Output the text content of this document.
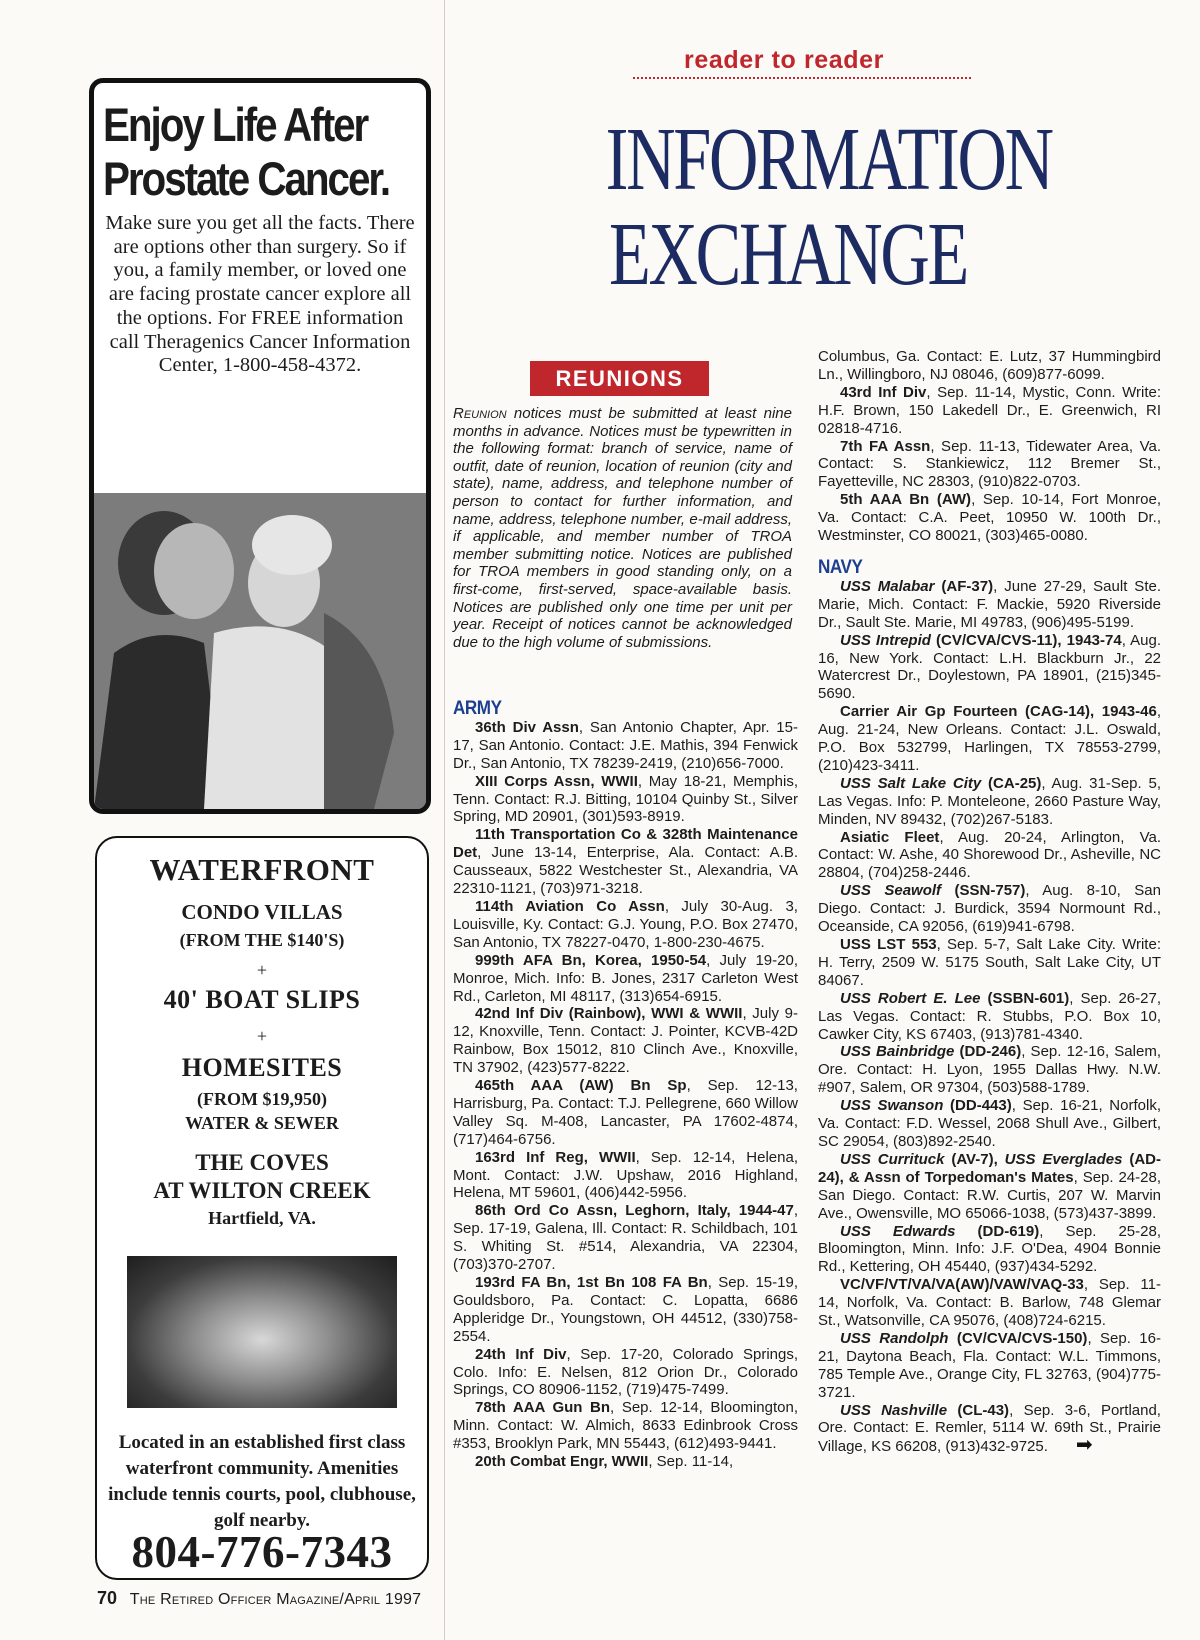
Enjoy Life After
Prostate Cancer.
Make sure you get all the facts. There are options other than surgery. So if you, a family member, or loved one are facing prostate cancer explore all the options. For FREE information call Theragenics Cancer Information Center, 1-800-458-4372.
WATERFRONT
CONDO VILLAS
(FROM THE $140'S)
+
40' BOAT SLIPS
+
HOMESITES
(FROM $19,950)
WATER & SEWER
THE COVES
AT WILTON CREEK
Hartfield, VA.
Located in an established first class waterfront community. Amenities include tennis courts, pool, clubhouse, golf nearby.
804-776-7343
70 The Retired Officer Magazine/April 1997
reader to reader
INFORMATION
EXCHANGE
REUNIONS
Reunion notices must be submitted at least nine months in advance. Notices must be typewritten in the following format: branch of service, name of outfit, date of reunion, location of reunion (city and state), name, address, and telephone number of person to contact for further information, and name, address, telephone number, e-mail address, if applicable, and member number of TROA member submitting notice. Notices are published for TROA members in good standing only, on a first-come, first-served, space-available basis. Notices are published only one time per unit per year. Receipt of notices cannot be acknowledged due to the high volume of submissions.
ARMY

36th Div Assn, San Antonio Chapter, Apr. 15-17, San Antonio. Contact: J.E. Mathis, 394 Fenwick Dr., San Antonio, TX 78239-2419, (210)656-7000.

XIII Corps Assn, WWII, May 18-21, Memphis, Tenn. Contact: R.J. Bitting, 10104 Quinby St., Silver Spring, MD 20901, (301)593-8919.

11th Transportation Co & 328th Maintenance Det, June 13-14, Enterprise, Ala. Contact: A.B. Causseaux, 5822 Westchester St., Alexandria, VA 22310-1121, (703)971-3218.

114th Aviation Co Assn, July 30-Aug. 3, Louisville, Ky. Contact: G.J. Young, P.O. Box 27470, San Antonio, TX 78227-0470, 1-800-230-4675.

999th AFA Bn, Korea, 1950-54, July 19-20, Monroe, Mich. Info: B. Jones, 2317 Carleton West Rd., Carleton, MI 48117, (313)654-6915.

42nd Inf Div (Rainbow), WWI & WWII, July 9-12, Knoxville, Tenn. Contact: J. Pointer, KCVB-42D Rainbow, Box 15012, 810 Clinch Ave., Knoxville, TN 37902, (423)577-8222.

465th AAA (AW) Bn Sp, Sep. 12-13, Harrisburg, Pa. Contact: T.J. Pellegrene, 660 Willow Valley Sq. M-408, Lancaster, PA 17602-4874, (717)464-6756.

163rd Inf Reg, WWII, Sep. 12-14, Helena, Mont. Contact: J.W. Upshaw, 2016 Highland, Helena, MT 59601, (406)442-5956.

86th Ord Co Assn, Leghorn, Italy, 1944-47, Sep. 17-19, Galena, Ill. Contact: R. Schildbach, 101 S. Whiting St. #514, Alexandria, VA 22304, (703)370-2707.

193rd FA Bn, 1st Bn 108 FA Bn, Sep. 15-19, Gouldsboro, Pa. Contact: C. Lopatta, 6686 Appleridge Dr., Youngstown, OH 44512, (330)758-2554.

24th Inf Div, Sep. 17-20, Colorado Springs, Colo. Info: E. Nelsen, 812 Orion Dr., Colorado Springs, CO 80906-1152, (719)475-7499.

78th AAA Gun Bn, Sep. 12-14, Bloomington, Minn. Contact: W. Almich, 8633 Edinbrook Cross #353, Brooklyn Park, MN 55443, (612)493-9441.

20th Combat Engr, WWII, Sep. 11-14,

Columbus, Ga. Contact: E. Lutz, 37 Hummingbird Ln., Willingboro, NJ 08046, (609)877-6099.

43rd Inf Div, Sep. 11-14, Mystic, Conn. Write: H.F. Brown, 150 Lakedell Dr., E. Greenwich, RI 02818-4716.

7th FA Assn, Sep. 11-13, Tidewater Area, Va. Contact: S. Stankiewicz, 112 Bremer St., Fayetteville, NC 28303, (910)822-0703.

5th AAA Bn (AW), Sep. 10-14, Fort Monroe, Va. Contact: C.A. Peet, 10950 W. 100th Dr., Westminster, CO 80021, (303)465-0080.

NAVY

USS Malabar (AF-37), June 27-29, Sault Ste. Marie, Mich. Contact: F. Mackie, 5920 Riverside Dr., Sault Ste. Marie, MI 49783, (906)495-5199.

USS Intrepid (CV/CVA/CVS-11), 1943-74, Aug. 16, New York. Contact: L.H. Blackburn Jr., 22 Watercrest Dr., Doylestown, PA 18901, (215)345-5690.

Carrier Air Gp Fourteen (CAG-14), 1943-46, Aug. 21-24, New Orleans. Contact: J.L. Oswald, P.O. Box 532799, Harlingen, TX 78553-2799, (210)423-3411.

USS Salt Lake City (CA-25), Aug. 31-Sep. 5, Las Vegas. Info: P. Monteleone, 2660 Pasture Way, Minden, NV 89432, (702)267-5183.

Asiatic Fleet, Aug. 20-24, Arlington, Va. Contact: W. Ashe, 40 Shorewood Dr., Asheville, NC 28804, (704)258-2446.

USS Seawolf (SSN-757), Aug. 8-10, San Diego. Contact: J. Burdick, 3594 Normount Rd., Oceanside, CA 92056, (619)941-6798.

USS LST 553, Sep. 5-7, Salt Lake City. Write: H. Terry, 2509 W. 5175 South, Salt Lake City, UT 84067.

USS Robert E. Lee (SSBN-601), Sep. 26-27, Las Vegas. Contact: R. Stubbs, P.O. Box 10, Cawker City, KS 67403, (913)781-4340.

USS Bainbridge (DD-246), Sep. 12-16, Salem, Ore. Contact: H. Lyon, 1955 Dallas Hwy. N.W. #907, Salem, OR 97304, (503)588-1789.

USS Swanson (DD-443), Sep. 16-21, Norfolk, Va. Contact: F.D. Wessel, 2068 Shull Ave., Gilbert, SC 29054, (803)892-2540.

USS Currituck (AV-7), USS Everglades (AD-24), & Assn of Torpedoman's Mates, Sep. 24-28, San Diego. Contact: R.W. Curtis, 207 W. Marvin Ave., Owensville, MO 65066-1038, (573)437-3899.

USS Edwards (DD-619), Sep. 25-28, Bloomington, Minn. Info: J.F. O'Dea, 4904 Bonnie Rd., Kettering, OH 45440, (937)434-5292.

VC/VF/VT/VA/VA(AW)/VAW/VAQ-33, Sep. 11-14, Norfolk, Va. Contact: B. Barlow, 748 Glemar St., Watsonville, CA 95076, (408)724-6215.

USS Randolph (CV/CVA/CVS-150), Sep. 16-21, Daytona Beach, Fla. Contact: W.L. Timmons, 785 Temple Ave., Orange City, FL 32763, (904)775-3721.

USS Nashville (CL-43), Sep. 3-6, Portland, Ore. Contact: E. Remler, 5114 W. 69th St., Prairie Village, KS 66208, (913)432-9725. ➡
